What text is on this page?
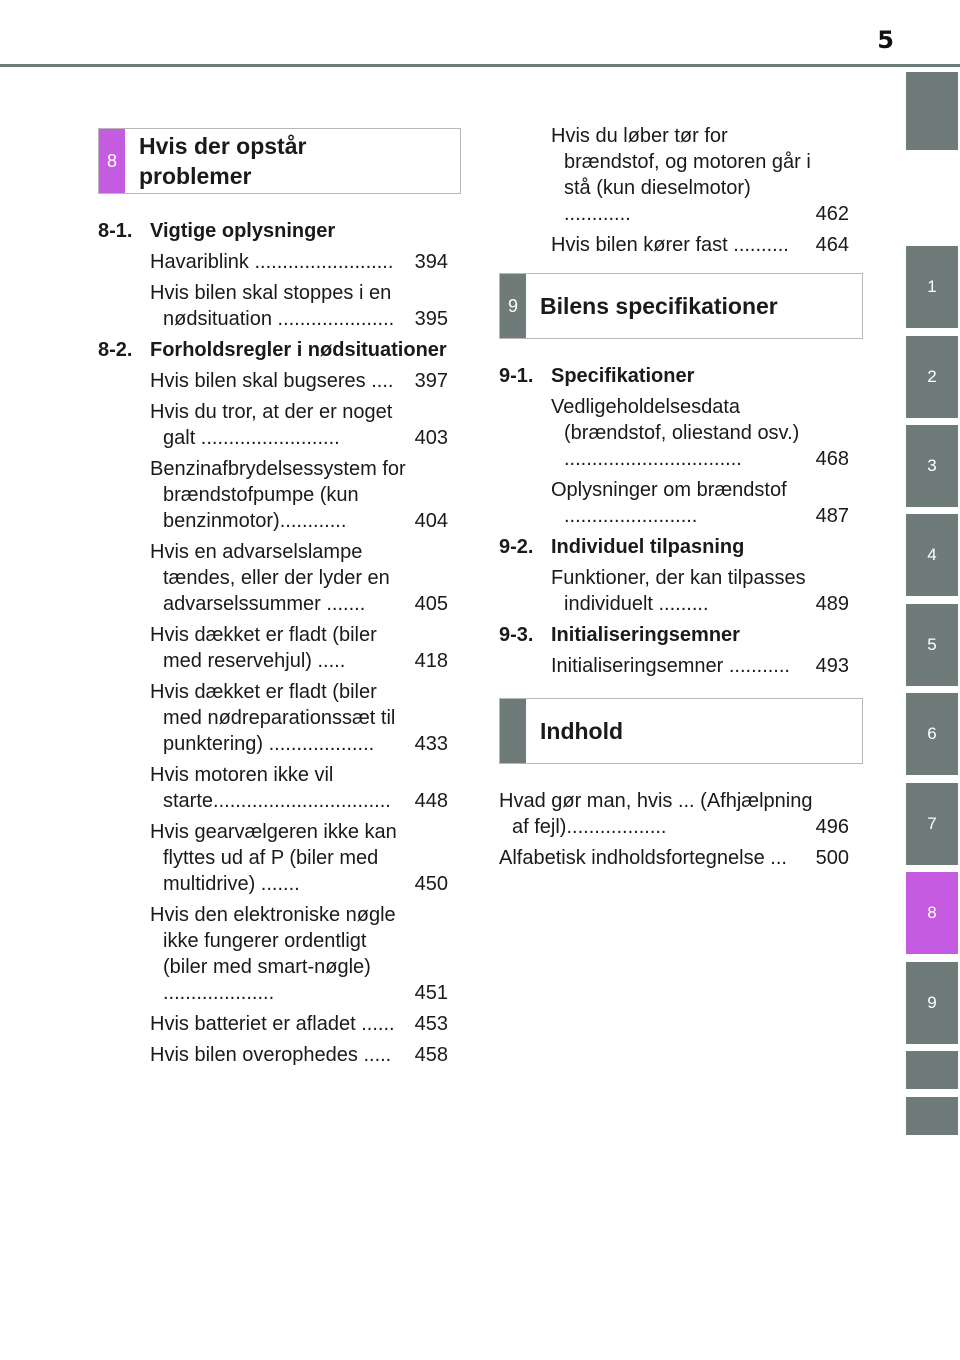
5
1
2
3
4
5
6
7
8
9
8
Hvis der opstår problemer
8-1. Vigtige oplysninger
Havariblink .........................	394
Hvis bilen skal stoppes i en nødsituation .....................	395
8-2. Forholdsregler i nødsituationer
Hvis bilen skal bugseres ....	397
Hvis du tror, at der er noget galt .........................	403
Benzinafbrydelsessystem for brændstofpumpe (kun benzinmotor)............	404
Hvis en advarselslampe tændes, eller der lyder en advarselssummer .......	405
Hvis dækket er fladt (biler med reservehjul) .....	418
Hvis dækket er fladt (biler med nødreparationssæt til punktering) ...................	433
Hvis motoren ikke vil starte................................	448
Hvis gearvælgeren ikke kan flyttes ud af P (biler med multidrive) .......	450
Hvis den elektroniske nøgle ikke fungerer ordentligt (biler med smart-nøgle) ....................	451
Hvis batteriet er afladet ......	453
Hvis bilen overophedes .....	458
Hvis du løber tør for brændstof, og motoren går i stå (kun dieselmotor) ............	462
Hvis bilen kører fast ..........	464
9 Bilens specifikationer
9-1. Specifikationer
Vedligeholdelsesdata (brændstof, oliestand osv.) ................................	468
Oplysninger om brændstof ........................	487
9-2. Individuel tilpasning
Funktioner, der kan tilpasses individuelt .........	489
9-3. Initialiseringsemner
Initialiseringsemner ...........	493
Indhold
Hvad gør man, hvis ... (Afhjælpning af fejl)..................	496
Alfabetisk indholdsfortegnelse ...	500
